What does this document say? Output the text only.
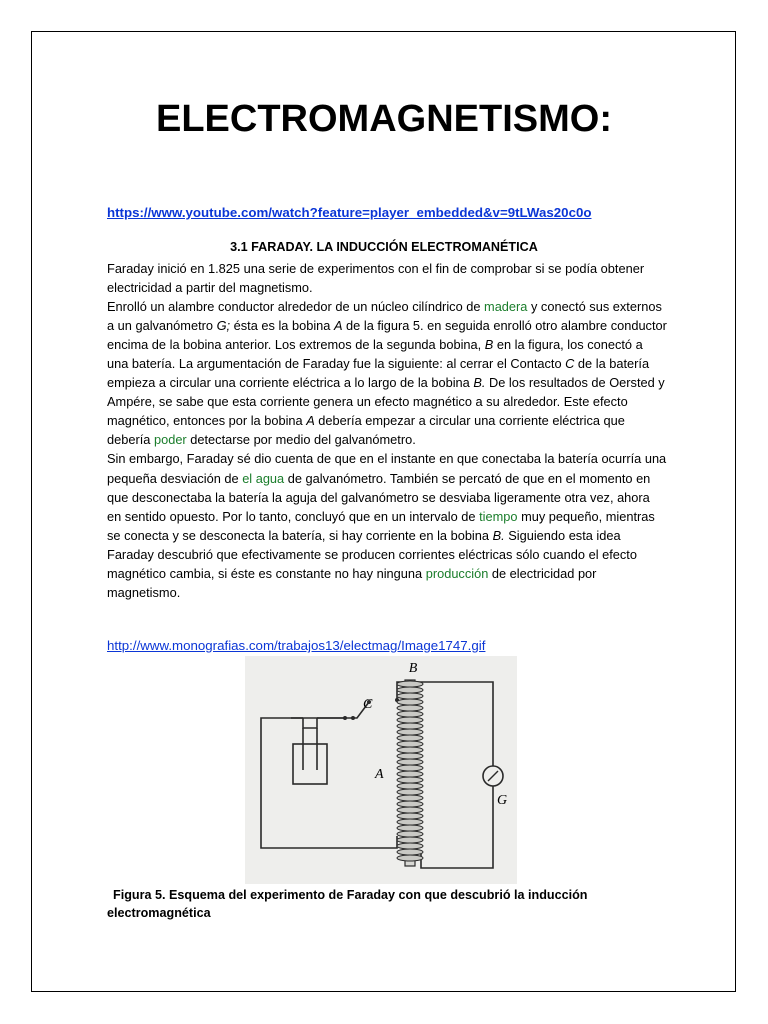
ELECTROMAGNETISMO:
https://www.youtube.com/watch?feature=player_embedded&v=9tLWas20c0o
3.1 FARADAY. LA INDUCCIÓN ELECTROMANÉTICA

Faraday inició en 1.825 una serie de experimentos con el fin de comprobar si se podía obtener electricidad a partir del magnetismo.

Enrolló un alambre conductor alrededor de un núcleo cilíndrico de madera y conectó sus externos a un galvanómetro G; ésta es la bobina A de la figura 5. en seguida enrolló otro alambre conductor encima de la bobina anterior. Los extremos de la segunda bobina, B en la figura, los conectó a una batería. La argumentación de Faraday fue la siguiente: al cerrar el Contacto C de la batería empieza a circular una corriente eléctrica a lo largo de la bobina B. De los resultados de Oersted y Ampére, se sabe que esta corriente genera un efecto magnético a su alrededor. Este efecto magnético, entonces por la bobina A debería empezar a circular una corriente eléctrica que debería poder detectarse por medio del galvanómetro.

Sin embargo, Faraday sé dio cuenta de que en el instante en que conectaba la batería ocurría una pequeña desviación de el agua de galvanómetro. También se percató de que en el momento en que desconectaba la batería la aguja del galvanómetro se desviaba ligeramente otra vez, ahora en sentido opuesto. Por lo tanto, concluyó que en un intervalo de tiempo muy pequeño, mientras se conecta y se desconecta la batería, si hay corriente en la bobina B. Siguiendo esta idea Faraday descubrió que efectivamente se producen corrientes eléctricas sólo cuando el efecto magnético cambia, si éste es constante no hay ninguna producción de electricidad por magnetismo.

http://www.monografias.com/trabajos13/electmag/Image1747.gif
B
C
A
G
Figura 5. Esquema del experimento de Faraday con que descubrió la inducción electromagnética
